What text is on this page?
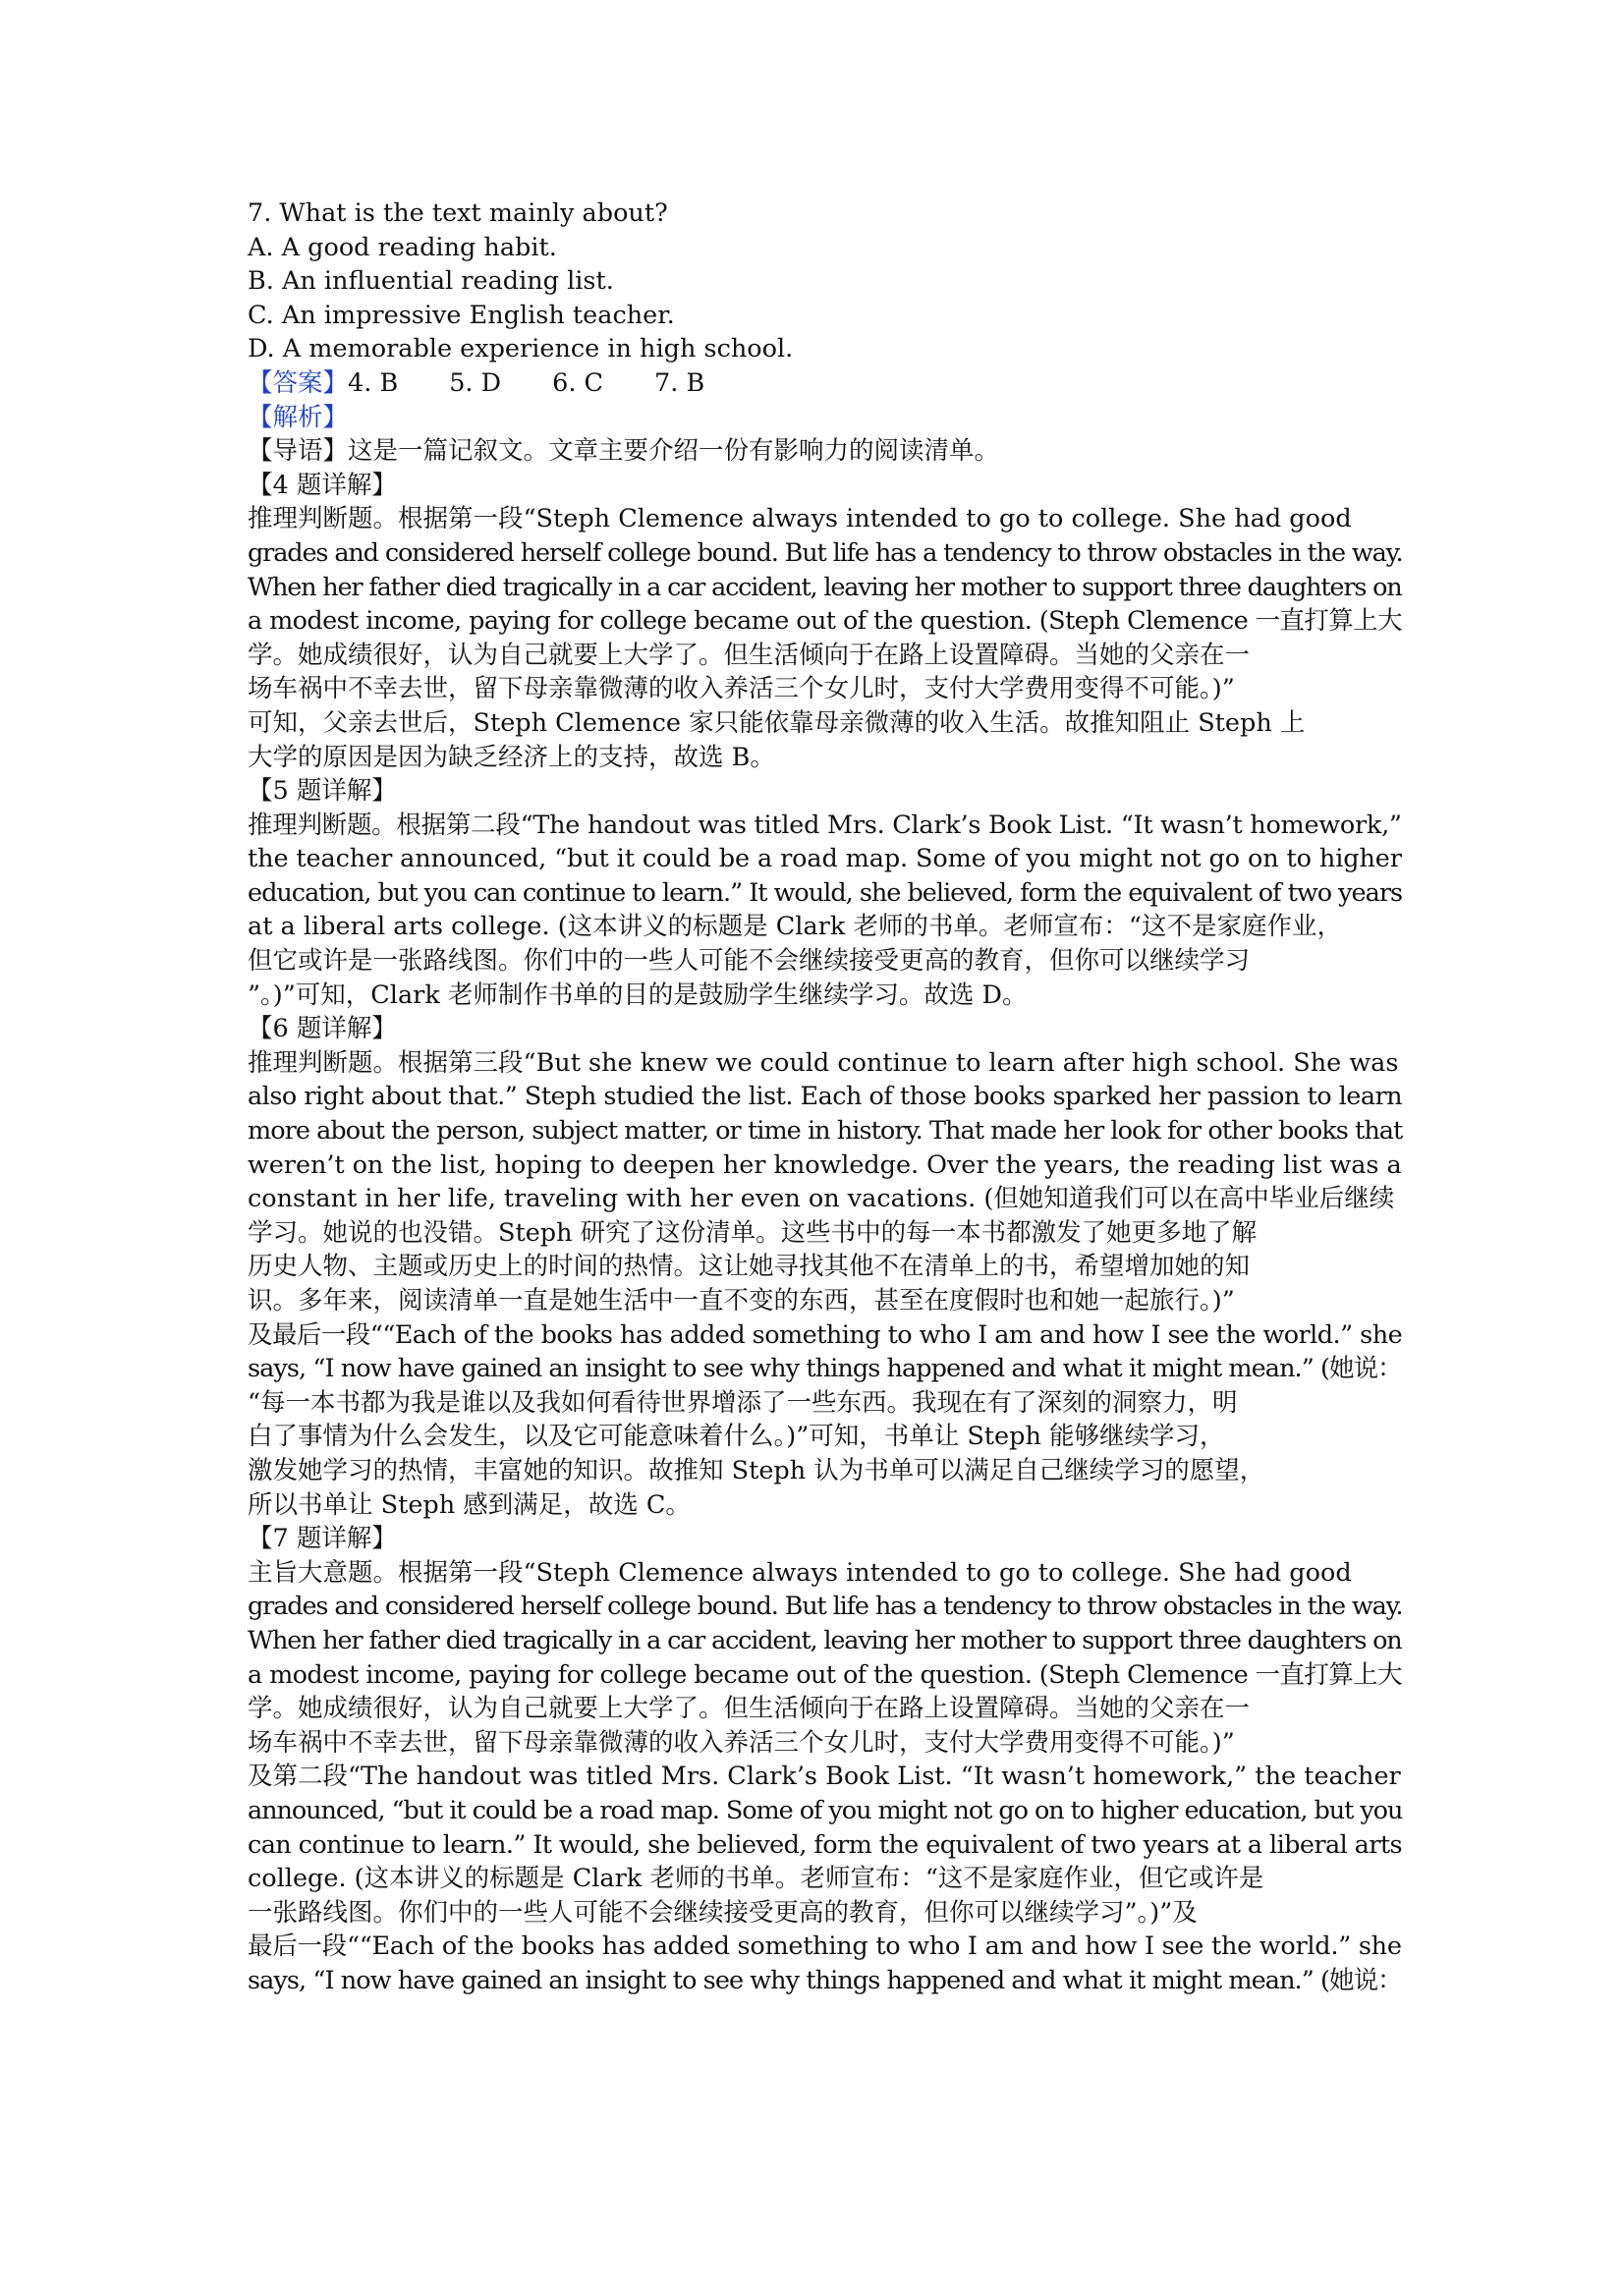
7. What is the text mainly about?
A. A good reading habit.
B. An influential reading list.
C. An impressive English teacher.
D. A memorable experience in high school.
【答案】4. B 5. D 6. C 7. B
【解析】
【导语】这是一篇记叙文。文章主要介绍一份有影响力的阅读清单。
【4 题详解】
推理判断题。根据第一段“Steph Clemence always intended to go to college. She had good
grades and considered herself college bound. But life has a tendency to throw obstacles in the way.
When her father died tragically in a car accident, leaving her mother to support three daughters on
a modest income, paying for college became out of the question. (Steph Clemence 一直打算上大
学。她成绩很好，认为自己就要上大学了。但生活倾向于在路上设置障碍。当她的父亲在一
场车祸中不幸去世，留下母亲靠微薄的收入养活三个女儿时，支付大学费用变得不可能。)”
可知，父亲去世后，Steph Clemence 家只能依靠母亲微薄的收入生活。故推知阻止 Steph 上
大学的原因是因为缺乏经济上的支持，故选 B。
【5 题详解】
推理判断题。根据第二段“The handout was titled Mrs. Clark’s Book List. “It wasn’t homework,”
the teacher announced, “but it could be a road map. Some of you might not go on to higher
education, but you can continue to learn.” It would, she believed, form the equivalent of two years
at a liberal arts college. (这本讲义的标题是 Clark 老师的书单。老师宣布：“这不是家庭作业，
但它或许是一张路线图。你们中的一些人可能不会继续接受更高的教育，但你可以继续学习
”。)”可知，Clark 老师制作书单的目的是鼓励学生继续学习。故选 D。
【6 题详解】
推理判断题。根据第三段“But she knew we could continue to learn after high school. She was
also right about that.” Steph studied the list. Each of those books sparked her passion to learn
more about the person, subject matter, or time in history. That made her look for other books that
weren’t on the list, hoping to deepen her knowledge. Over the years, the reading list was a
constant in her life, traveling with her even on vacations. (但她知道我们可以在高中毕业后继续
学习。她说的也没错。Steph 研究了这份清单。这些书中的每一本书都激发了她更多地了解
历史人物、主题或历史上的时间的热情。这让她寻找其他不在清单上的书，希望增加她的知
识。多年来，阅读清单一直是她生活中一直不变的东西，甚至在度假时也和她一起旅行。)”
及最后一段““Each of the books has added something to who I am and how I see the world.” she
says, “I now have gained an insight to see why things happened and what it might mean.” (她说：
“每一本书都为我是谁以及我如何看待世界增添了一些东西。我现在有了深刻的洞察力，明
白了事情为什么会发生，以及它可能意味着什么。)”可知，书单让 Steph 能够继续学习，
激发她学习的热情，丰富她的知识。故推知 Steph 认为书单可以满足自己继续学习的愿望，
所以书单让 Steph 感到满足，故选 C。
【7 题详解】
主旨大意题。根据第一段“Steph Clemence always intended to go to college. She had good
grades and considered herself college bound. But life has a tendency to throw obstacles in the way.
When her father died tragically in a car accident, leaving her mother to support three daughters on
a modest income, paying for college became out of the question. (Steph Clemence 一直打算上大
学。她成绩很好，认为自己就要上大学了。但生活倾向于在路上设置障碍。当她的父亲在一
场车祸中不幸去世，留下母亲靠微薄的收入养活三个女儿时，支付大学费用变得不可能。)”
及第二段“The handout was titled Mrs. Clark’s Book List. “It wasn’t homework,” the teacher
announced, “but it could be a road map. Some of you might not go on to higher education, but you
can continue to learn.” It would, she believed, form the equivalent of two years at a liberal arts
college. (这本讲义的标题是 Clark 老师的书单。老师宣布：“这不是家庭作业，但它或许是
一张路线图。你们中的一些人可能不会继续接受更高的教育，但你可以继续学习”。)”及
最后一段““Each of the books has added something to who I am and how I see the world.” she
says, “I now have gained an insight to see why things happened and what it might mean.” (她说：
